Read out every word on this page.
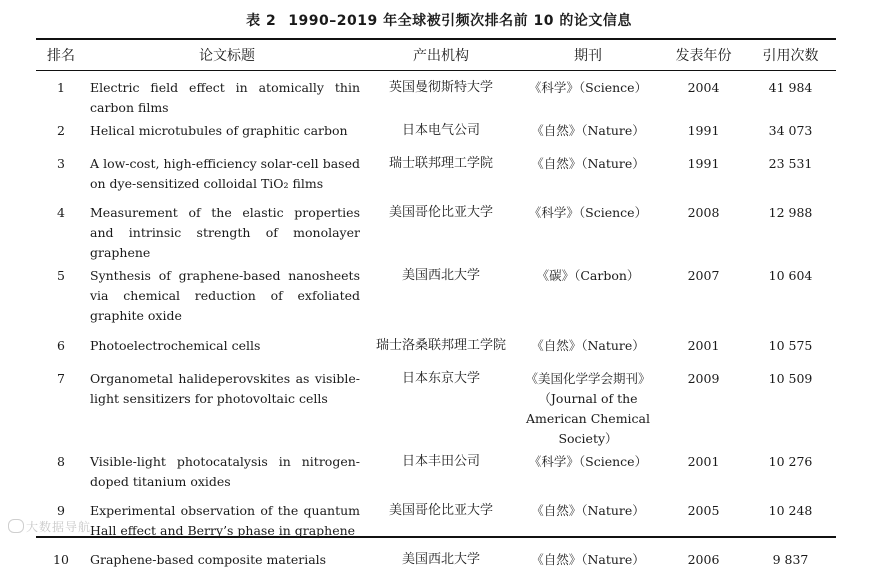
表 2 1990–2019 年全球被引频次排名前 10 的论文信息
排名	论文标题	产出机构	期刊	发表年份	引用次数
1	Electric field effect in atomically thin carbon films	英国曼彻斯特大学	《科学》（Science）	2004	41 984
2	Helical microtubules of graphitic carbon	日本电气公司	《自然》（Nature）	1991	34 073
3	A low-cost, high-efficiency solar-cell based on dye-sensitized colloidal TiO₂ films	瑞士联邦理工学院	《自然》（Nature）	1991	23 531
4	Measurement of the elastic properties and intrinsic strength of monolayer graphene	美国哥伦比亚大学	《科学》（Science）	2008	12 988
5	Synthesis of graphene-based nanosheets via chemical reduction of exfoliated graphite oxide	美国西北大学	《碳》（Carbon）	2007	10 604
6	Photoelectrochemical cells	瑞士洛桑联邦理工学院	《自然》（Nature）	2001	10 575
7	Organometal halideperovskites as visible-light sensitizers for photovoltaic cells	日本东京大学	《美国化学学会期刊》（Journal of the American Chemical Society）	2009	10 509
8	Visible-light photocatalysis in nitrogen-doped titanium oxides	日本丰田公司	《科学》（Science）	2001	10 276
9	Experimental observation of the quantum Hall effect and Berry’s phase in graphene	美国哥伦比亚大学	《自然》（Nature）	2005	10 248
10	Graphene-based composite materials	美国西北大学	《自然》（Nature）	2006	9 837
大数据导航
